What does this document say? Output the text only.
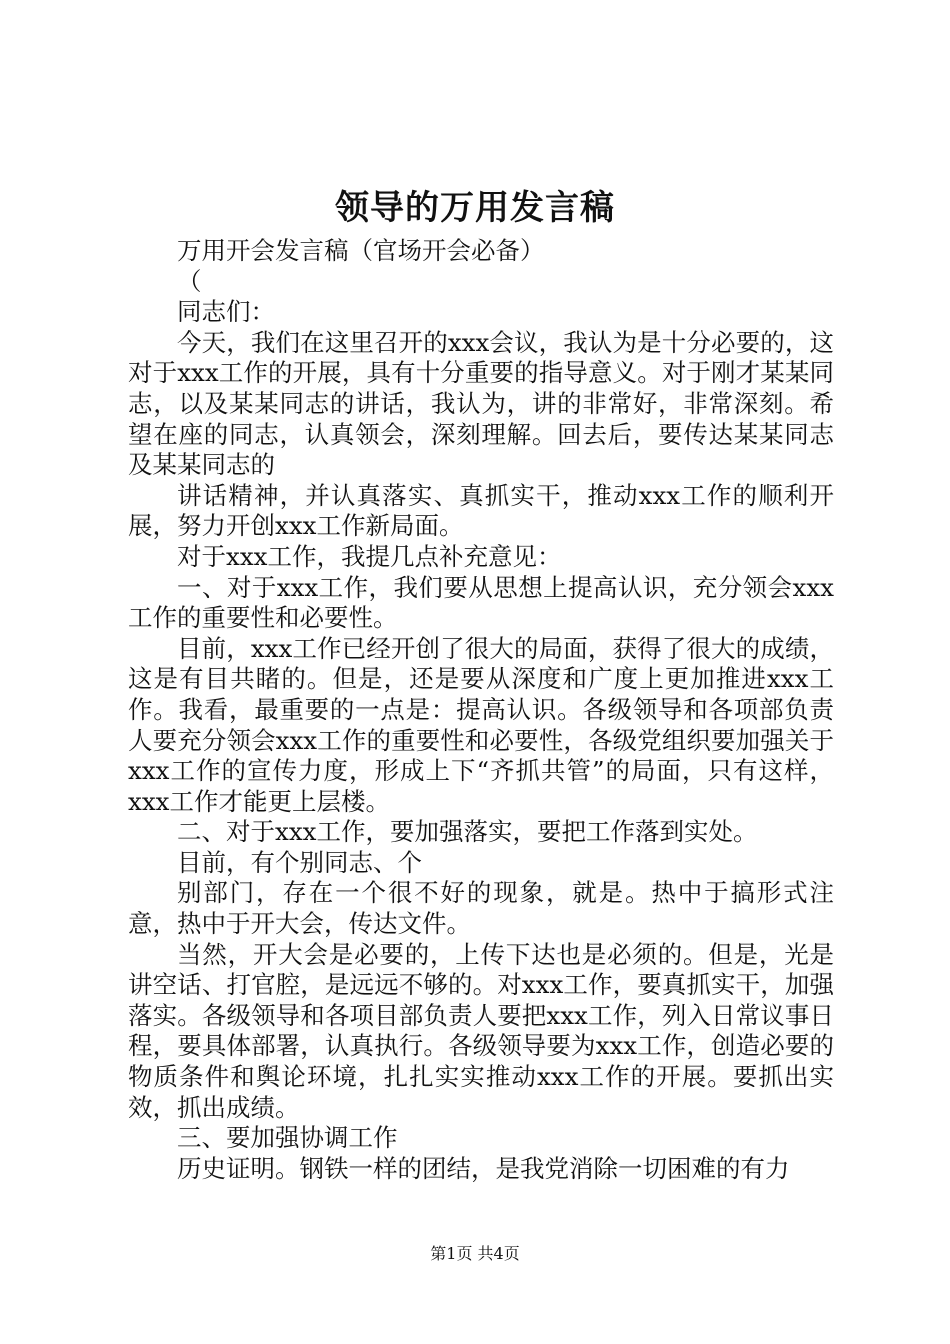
领导的万用发言稿

万用开会发言稿（官场开会必备）

（

同志们：

今天，我们在这里召开的xxx会议，我认为是十分必要的，这对于xxx工作的开展，具有十分重要的指导意义。对于刚才某某同志，以及某某同志的讲话，我认为，讲的非常好，非常深刻。希望在座的同志，认真领会，深刻理解。回去后，要传达某某同志及某某同志的

讲话精神，并认真落实、真抓实干，推动xxx工作的顺利开展，努力开创xxx工作新局面。

对于xxx工作，我提几点补充意见：

一、对于xxx工作，我们要从思想上提高认识，充分领会xxx工作的重要性和必要性。

目前，xxx工作已经开创了很大的局面，获得了很大的成绩，这是有目共睹的。但是，还是要从深度和广度上更加推进xxx工作。我看，最重要的一点是：提高认识。各级领导和各项部负责人要充分领会xxx工作的重要性和必要性，各级党组织要加强关于xxx工作的宣传力度，形成上下“齐抓共管”的局面，只有这样，xxx工作才能更上层楼。

二、对于xxx工作，要加强落实，要把工作落到实处。

目前，有个别同志、个

别部门，存在一个很不好的现象，就是。热中于搞形式注意，热中于开大会，传达文件。

当然，开大会是必要的，上传下达也是必须的。但是，光是讲空话、打官腔，是远远不够的。对xxx工作，要真抓实干，加强落实。各级领导和各项目部负责人要把xxx工作，列入日常议事日程，要具体部署，认真执行。各级领导要为xxx工作，创造必要的物质条件和舆论环境，扎扎实实推动xxx工作的开展。要抓出实效，抓出成绩。

三、要加强协调工作

历史证明。钢铁一样的团结，是我党消除一切困难的有力

第1页 共4页
